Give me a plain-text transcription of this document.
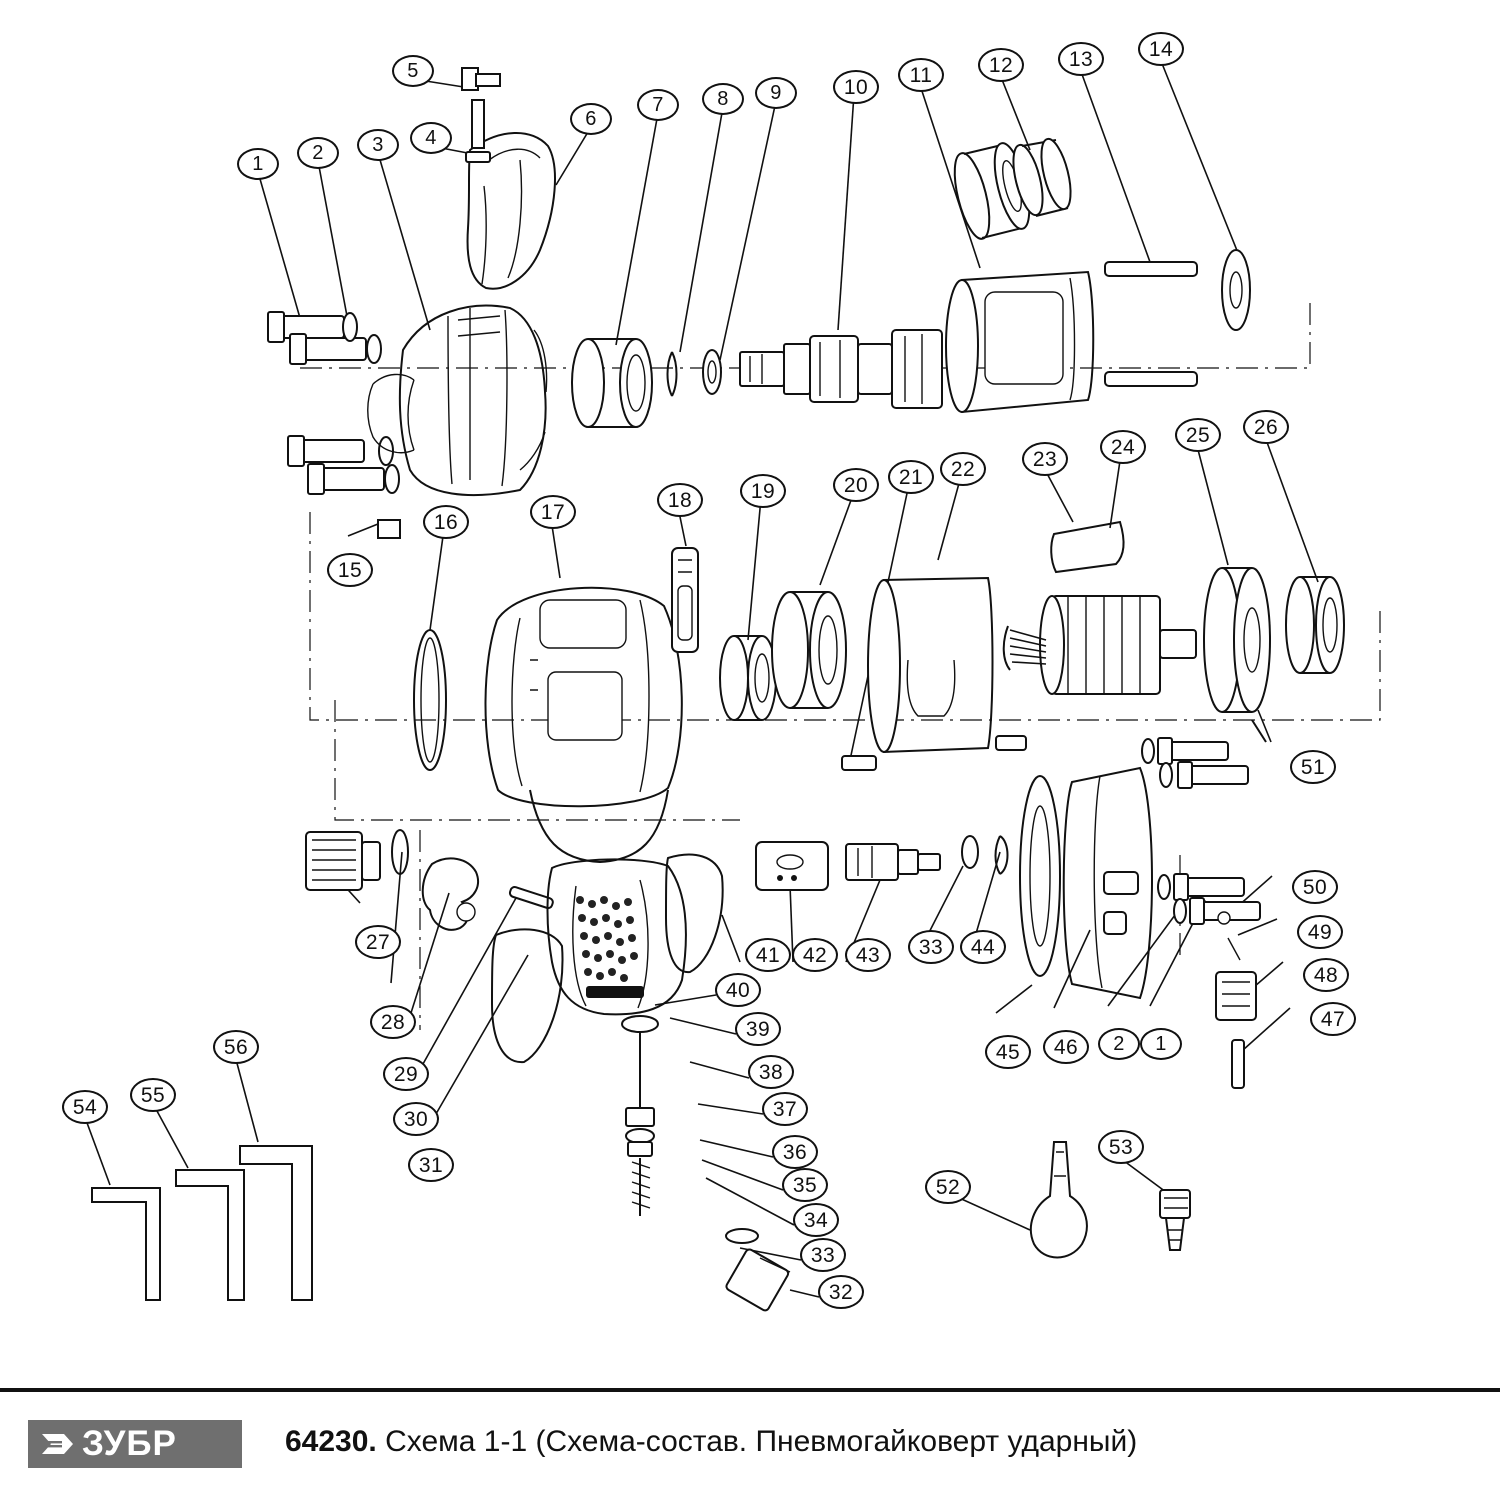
1	2	3	4
5
6
7	8	9	10
11	12	13	14
15
16	17
18	19	20	21	22	23
24
25	26
27
28
29
30
31
32
33
34
35
36
37
38
39
40
41	42	43	33	44
45	46	2	1
47
48
49
50
51
52
53
54
55
56
ЗУБР	64230. Схема 1-1 (Схема-состав. Пневмогайковерт ударный)
